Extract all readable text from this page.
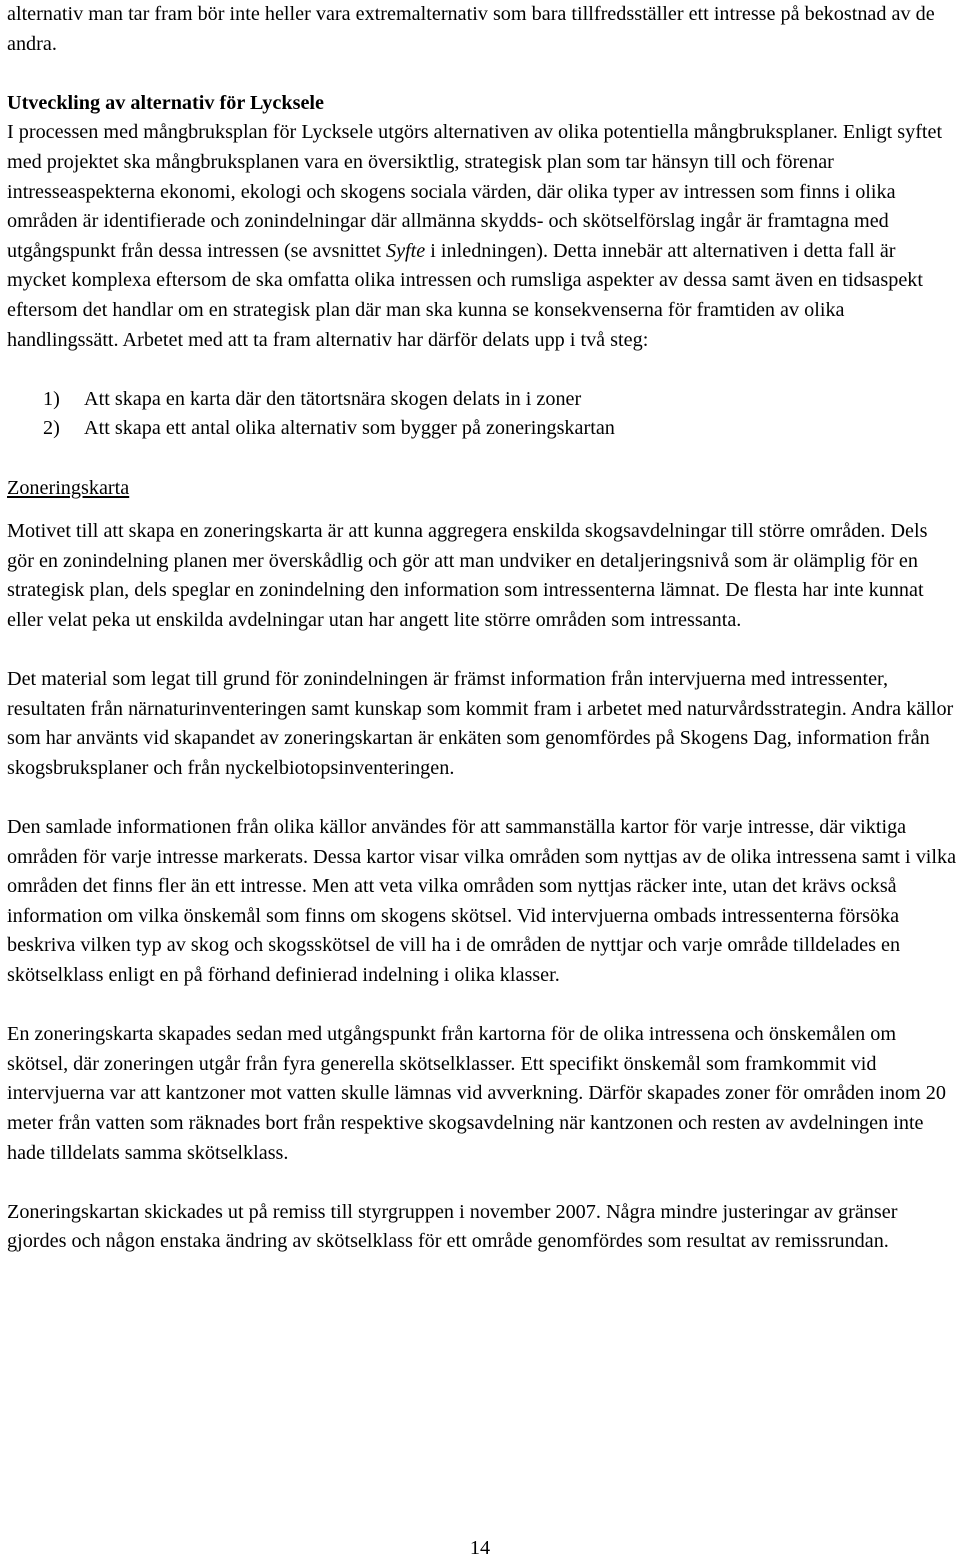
alternativ man tar fram bör inte heller vara extremalternativ som bara tillfredsställer ett intresse på bekostnad av de andra.

Utveckling av alternativ för Lycksele

I processen med mångbruksplan för Lycksele utgörs alternativen av olika potentiella mångbruksplaner. Enligt syftet med projektet ska mångbruksplanen vara en översiktlig, strategisk plan som tar hänsyn till och förenar intresseaspekterna ekonomi, ekologi och skogens sociala värden, där olika typer av intressen som finns i olika områden är identifierade och zonindelningar där allmänna skydds- och skötselförslag ingår är framtagna med utgångspunkt från dessa intressen (se avsnittet Syfte i inledningen). Detta innebär att alternativen i detta fall är mycket komplexa eftersom de ska omfatta olika intressen och rumsliga aspekter av dessa samt även en tidsaspekt eftersom det handlar om en strategisk plan där man ska kunna se konsekvenserna för framtiden av olika handlingssätt. Arbetet med att ta fram alternativ har därför delats upp i två steg:

1)	Att skapa en karta där den tätortsnära skogen delats in i zoner
2)	Att skapa ett antal olika alternativ som bygger på zoneringskartan

Zoneringskarta

Motivet till att skapa en zoneringskarta är att kunna aggregera enskilda skogsavdelningar till större områden. Dels gör en zonindelning planen mer överskådlig och gör att man undviker en detaljeringsnivå som är olämplig för en strategisk plan, dels speglar en zonindelning den information som intressenterna lämnat. De flesta har inte kunnat eller velat peka ut enskilda avdelningar utan har angett lite större områden som intressanta.

Det material som legat till grund för zonindelningen är främst information från intervjuerna med intressenter, resultaten från närnaturinventeringen samt kunskap som kommit fram i arbetet med naturvårdsstrategin. Andra källor som har använts vid skapandet av zoneringskartan är enkäten som genomfördes på Skogens Dag, information från skogsbruksplaner och från nyckelbiotopsinventeringen.

Den samlade informationen från olika källor användes för att sammanställa kartor för varje intresse, där viktiga områden för varje intresse markerats. Dessa kartor visar vilka områden som nyttjas av de olika intressena samt i vilka områden det finns fler än ett intresse. Men att veta vilka områden som nyttjas räcker inte, utan det krävs också information om vilka önskemål som finns om skogens skötsel. Vid intervjuerna ombads intressenterna försöka beskriva vilken typ av skog och skogsskötsel de vill ha i de områden de nyttjar och varje område tilldelades en skötselklass enligt en på förhand definierad indelning i olika klasser.

En zoneringskarta skapades sedan med utgångspunkt från kartorna för de olika intressena och önskemålen om skötsel, där zoneringen utgår från fyra generella skötselklasser. Ett specifikt önskemål som framkommit vid intervjuerna var att kantzoner mot vatten skulle lämnas vid avverkning. Därför skapades zoner för områden inom 20 meter från vatten som räknades bort från respektive skogsavdelning när kantzonen och resten av avdelningen inte hade tilldelats samma skötselklass.

Zoneringskartan skickades ut på remiss till styrgruppen i november 2007. Några mindre justeringar av gränser gjordes och någon enstaka ändring av skötselklass för ett område genomfördes som resultat av remissrundan.

14
